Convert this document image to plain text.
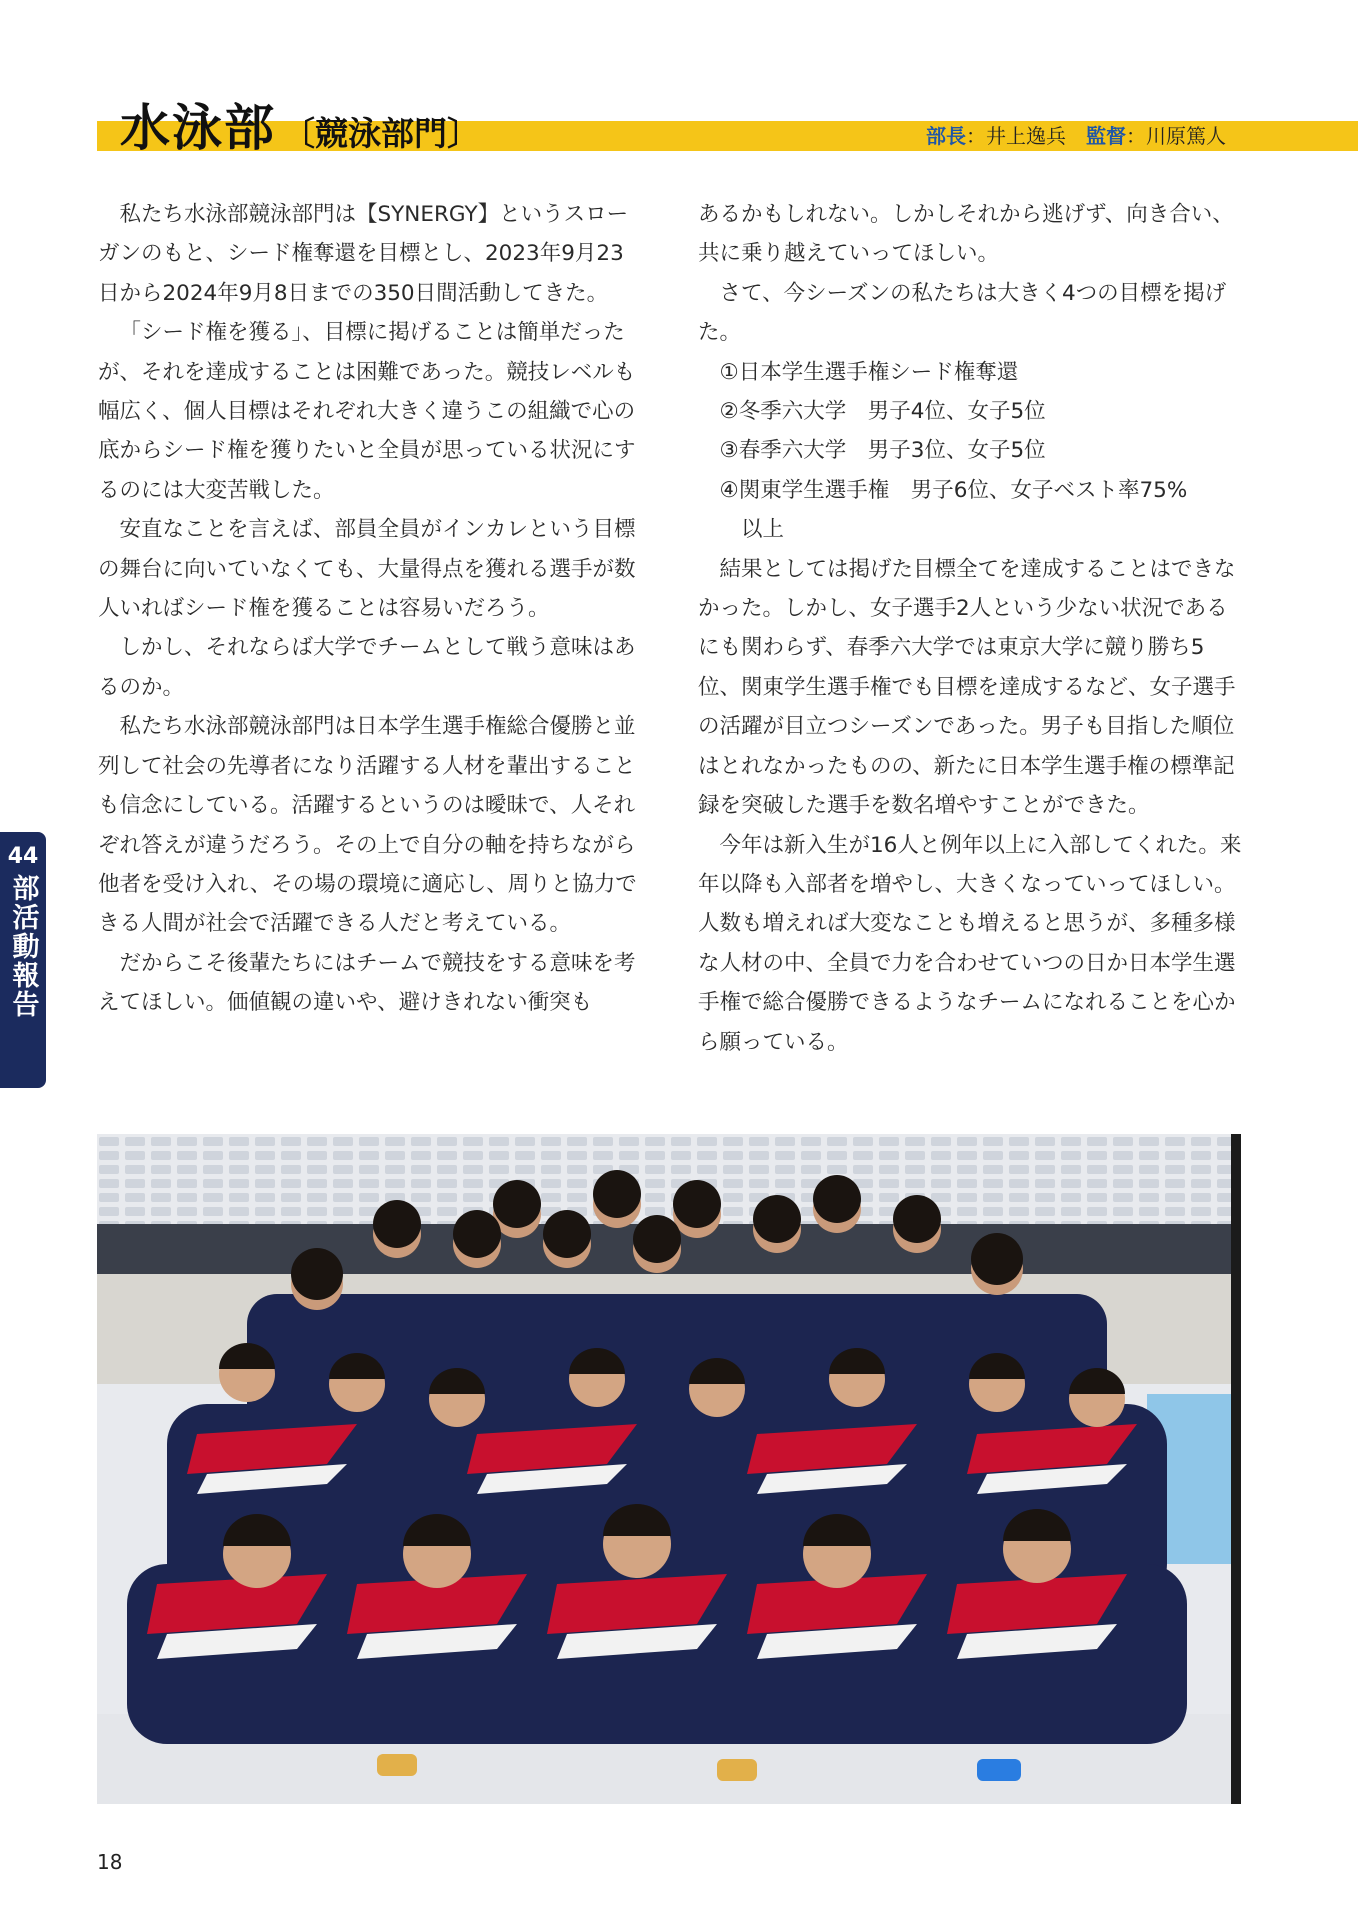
水泳部 〔競泳部門〕	部長：井上逸兵　 監督：川原篤人

私たち水泳部競泳部門は【SYNERGY】というスローガンのもと、シード権奪還を目標とし、2023年9月23日から2024年9月8日までの350日間活動してきた。

「シード権を獲る」、目標に掲げることは簡単だったが、それを達成することは困難であった。競技レベルも幅広く、個人目標はそれぞれ大きく違うこの組織で心の底からシード権を獲りたいと全員が思っている状況にするのには大変苦戦した。

安直なことを言えば、部員全員がインカレという目標の舞台に向いていなくても、大量得点を獲れる選手が数人いればシード権を獲ることは容易いだろう。

しかし、それならば大学でチームとして戦う意味はあるのか。

私たち水泳部競泳部門は日本学生選手権総合優勝と並列して社会の先導者になり活躍する人材を輩出することも信念にしている。活躍するというのは曖昧で、人それぞれ答えが違うだろう。その上で自分の軸を持ちながら他者を受け入れ、その場の環境に適応し、周りと協力できる人間が社会で活躍できる人だと考えている。

だからこそ後輩たちにはチームで競技をする意味を考えてほしい。価値観の違いや、避けきれない衝突も

あるかもしれない。しかしそれから逃げず、向き合い、共に乗り越えていってほしい。

さて、今シーズンの私たちは大きく4つの目標を掲げた。

①日本学生選手権シード権奪還

②冬季六大学　男子4位、女子5位

③春季六大学　男子3位、女子5位

④関東学生選手権　男子6位、女子ベスト率75%

以上

結果としては掲げた目標全てを達成することはできなかった。しかし、女子選手2人という少ない状況であるにも関わらず、春季六大学では東京大学に競り勝ち5位、関東学生選手権でも目標を達成するなど、女子選手の活躍が目立つシーズンであった。男子も目指した順位はとれなかったものの、新たに日本学生選手権の標準記録を突破した選手を数名増やすことができた。

今年は新入生が16人と例年以上に入部してくれた。来年以降も入部者を増やし、大きくなっていってほしい。人数も増えれば大変なことも増えると思うが、多種多様な人材の中、全員で力を合わせていつの日か日本学生選手権で総合優勝できるようなチームになれることを心から願っている。

44
部活動報告
18
